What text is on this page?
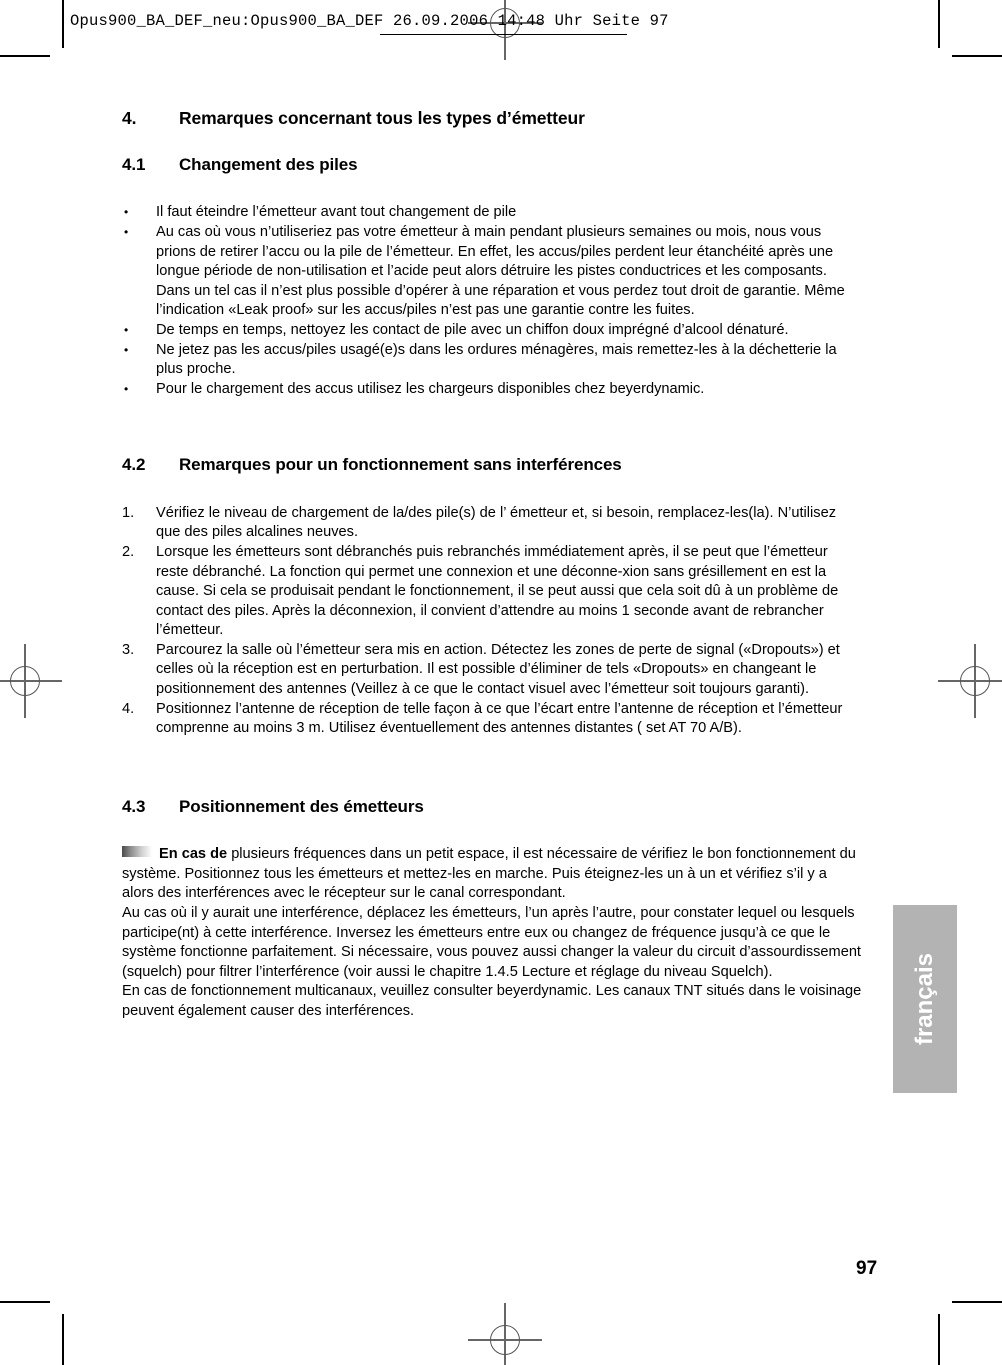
Opus900_BA_DEF_neu:Opus900_BA_DEF 26.09.2006 14:48 Uhr Seite 97
4. Remarques concernant tous les types d’émetteur
4.1 Changement des piles
•	Il faut éteindre l’émetteur avant tout changement de pile
•	Au cas où vous n’utiliseriez pas votre émetteur à main pendant plusieurs semaines ou mois, nous vous prions de retirer l’accu ou la pile de l’émetteur. En effet, les accus/piles perdent leur étanchéité après une longue période de non-utilisation et l’acide peut alors détruire les pistes conductrices et les composants. Dans un tel cas il n’est plus possible d’opérer à une réparation et vous perdez tout droit de garantie. Même l’indication «Leak proof» sur les accus/piles n’est pas une garantie contre les fuites.
•	De temps en temps, nettoyez les contact de pile avec un chiffon doux imprégné d’alcool dénaturé.
•	Ne jetez pas les accus/piles usagé(e)s dans les ordures ménagères, mais remettez-les à la déchetterie la plus proche.
•	Pour le chargement des accus utilisez les chargeurs disponibles chez beyerdynamic.
4.2 Remarques pour un fonctionnement sans interférences
1.	Vérifiez le niveau de chargement de la/des pile(s) de l’ émetteur et, si besoin, remplacez-les(la). N’utilisez que des piles alcalines neuves.
2.	Lorsque les émetteurs sont débranchés puis rebranchés immédiatement après, il se peut que l’émetteur reste débranché. La fonction qui permet une connexion et une déconne-xion sans grésillement en est la cause. Si cela se produisait pendant le fonctionnement, il se peut aussi que cela soit dû à un problème de contact des piles. Après la déconnexion, il convient d’attendre au moins 1 seconde avant de rebrancher l’émetteur.
3.	Parcourez la salle où l’émetteur sera mis en action. Détectez les zones de perte de signal («Dropouts») et celles où la réception est en perturbation. Il est possible d’éliminer de tels «Dropouts» en changeant le positionnement des antennes (Veillez à ce que le contact visuel avec l’émetteur soit toujours garanti).
4.	Positionnez l’antenne de réception de telle façon à ce que l’écart entre l’antenne de réception et l’émetteur comprenne au moins 3 m. Utilisez éventuellement des antennes distantes ( set AT 70 A/B).
4.3 Positionnement des émetteurs

En cas de plusieurs fréquences dans un petit espace, il est nécessaire de vérifiez le bon fonctionnement du système. Positionnez tous les émetteurs et mettez-les en marche. Puis éteignez-les un à un et vérifiez s’il y a alors des interférences avec le récepteur sur le canal correspondant.

Au cas où il y aurait une interférence, déplacez les émetteurs, l’un après l’autre, pour constater lequel ou lesquels participe(nt) à cette interférence. Inversez les émetteurs entre eux ou changez de fréquence jusqu’à ce que le système fonctionne parfaitement. Si nécessaire, vous pouvez aussi changer la valeur du circuit d’assourdissement (squelch) pour filtrer l’interférence (voir aussi le chapitre 1.4.5 Lecture et réglage du niveau Squelch).

En cas de fonctionnement multicanaux, veuillez consulter beyerdynamic. Les canaux TNT situés dans le voisinage peuvent également causer des interférences.	français
97
